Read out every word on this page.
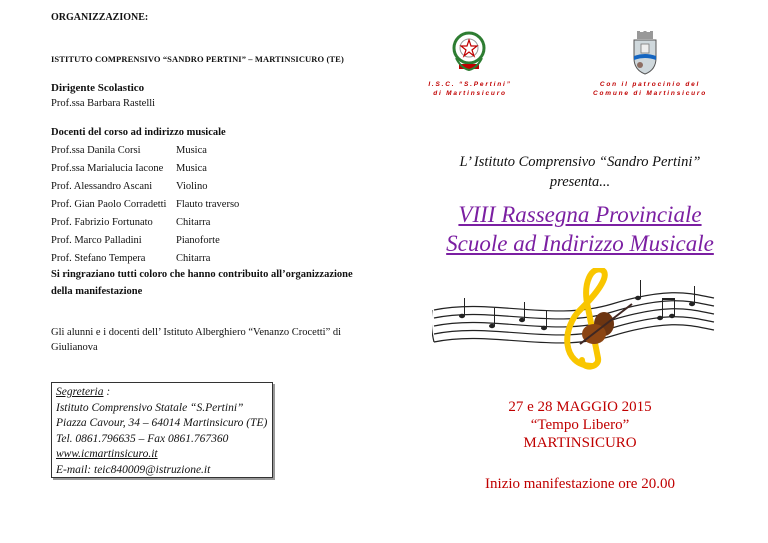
ORGANIZZAZIONE:
ISTITUTO COMPRENSIVO “SANDRO PERTINI” – MARTINSICURO (TE)
Dirigente Scolastico
Prof.ssa Barbara Rastelli
Docenti del corso ad indirizzo musicale
Prof.ssa Danila Corsi	Musica
Prof.ssa Marialucia Iacone Musica
Prof. Alessandro Ascani Violino
Prof. Gian Paolo Corradetti Flauto traverso
Prof. Fabrizio Fortunato Chitarra
Prof. Marco Palladini	Pianoforte
Prof. Stefano Tempera	Chitarra
Si ringraziano tutti coloro che hanno contribuito all’organizzazione della manifestazione
Gli alunni e i docenti dell’ Istituto Alberghiero “Venanzo Crocetti” di Giulianova
Segreteria :
Istituto Comprensivo Statale “S.Pertini”
Piazza Cavour, 34 – 64014 Martinsicuro (TE)
Tel. 0861.796635 – Fax 0861.767360
www.icmartinsicuro.it
E-mail: teic840009@istruzione.it
I.S.C. “S.Pertini”
di Martinsicuro
Con il patrocinio del
Comune di Martinsicuro
L’ Istituto Comprensivo “Sandro Pertini”
presenta...
VIII Rassegna Provinciale
Scuole ad Indirizzo Musicale
27 e 28 MAGGIO 2015
“Tempo Libero”
MARTINSICURO
Inizio manifestazione ore 20.00
